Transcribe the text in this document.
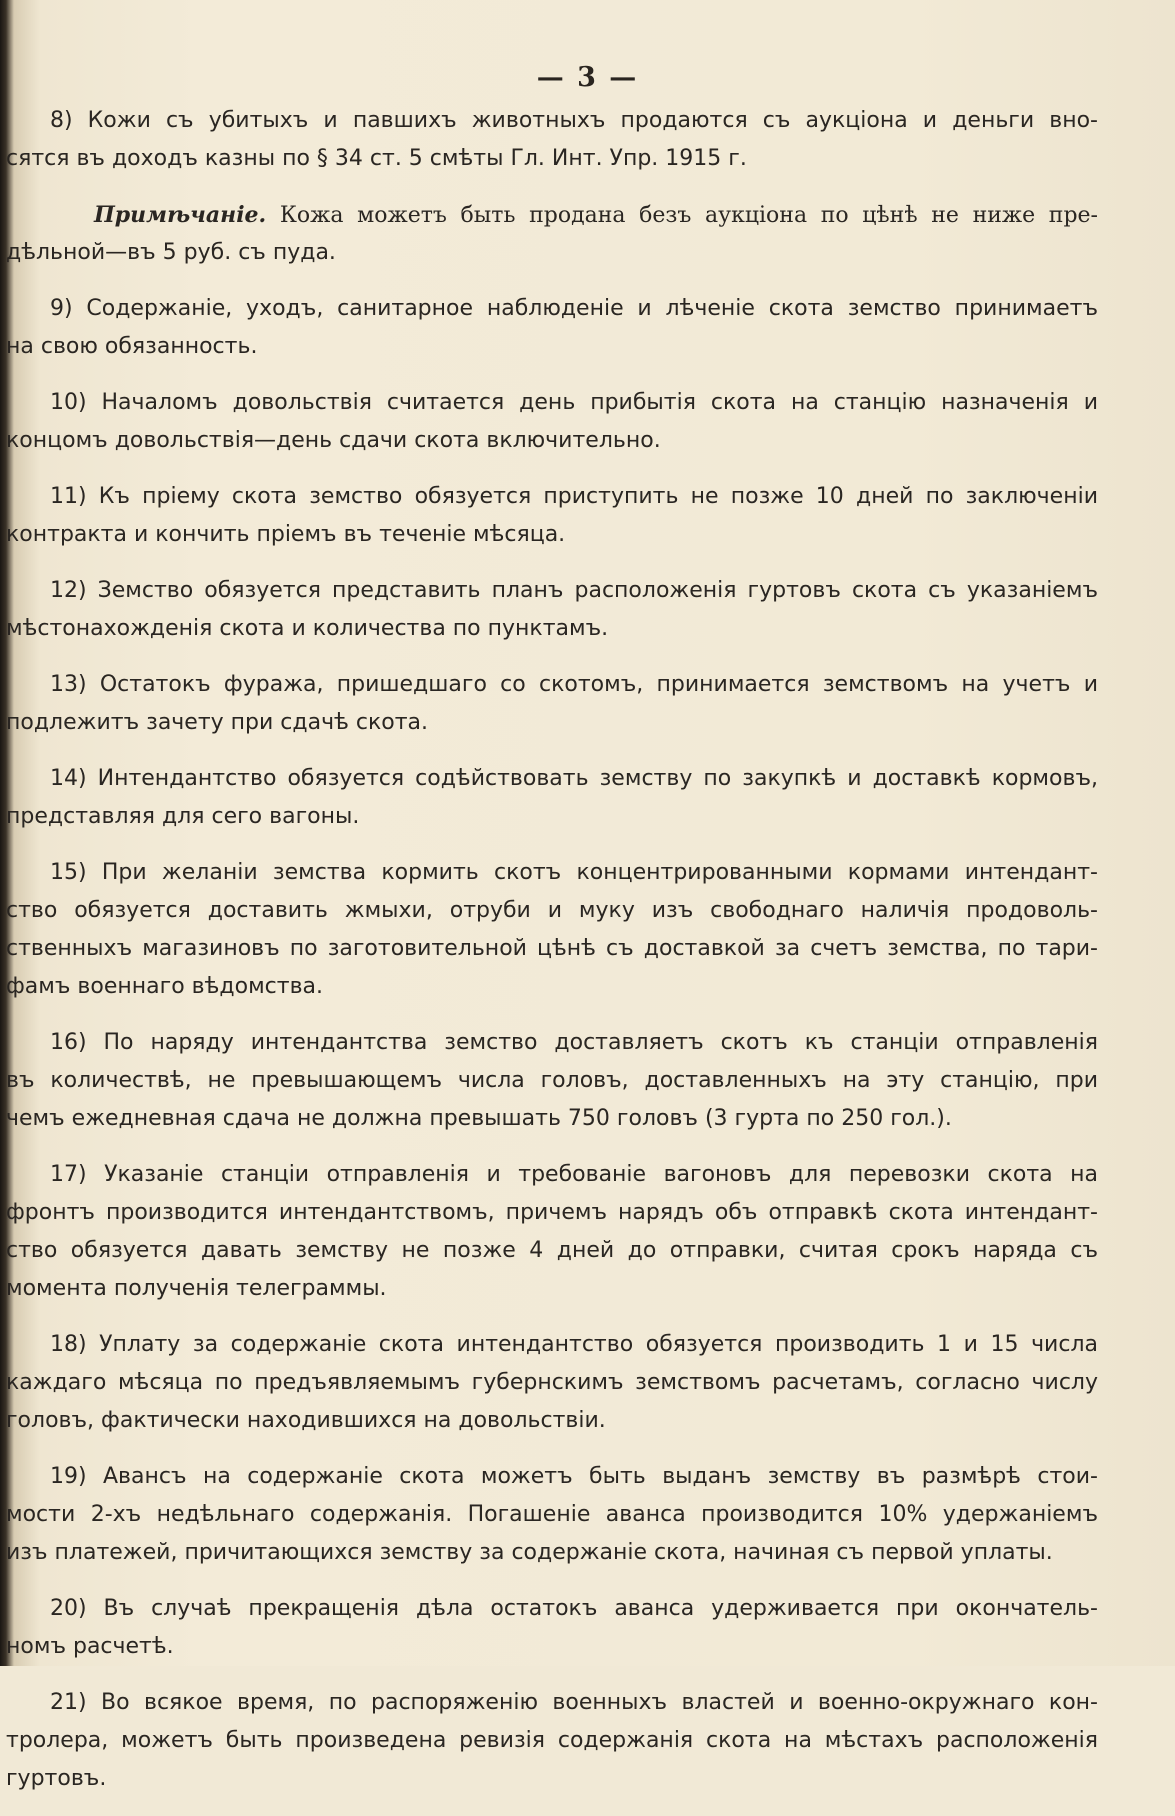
— 3 —
8) Кожи съ убитыхъ и павшихъ животныхъ продаются съ аукціона и деньги вно-
сятся въ доходъ казны по § 34 ст. 5 смѣты Гл. Инт. Упр. 1915 г.
Примѣчаніе. Кожа можетъ быть продана безъ аукціона по цѣнѣ не ниже пре-
дѣльной—въ 5 руб. съ пуда.
9) Содержаніе, уходъ, санитарное наблюденіе и лѣченіе скота земство принимаетъ
на свою обязанность.
10) Началомъ довольствія считается день прибытія скота на станцію назначенія и
концомъ довольствія—день сдачи скота включительно.
11) Къ пріему скота земство обязуется приступить не позже 10 дней по заключеніи
контракта и кончить пріемъ въ теченіе мѣсяца.
12) Земство обязуется представить планъ расположенія гуртовъ скота съ указаніемъ
мѣстонахожденія скота и количества по пунктамъ.
13) Остатокъ фуража, пришедшаго со скотомъ, принимается земствомъ на учетъ и
подлежитъ зачету при сдачѣ скота.
14) Интендантство обязуется содѣйствовать земству по закупкѣ и доставкѣ кормовъ,
представляя для сего вагоны.
15) При желаніи земства кормить скотъ концентрированными кормами интендант-
ство обязуется доставить жмыхи, отруби и муку изъ свободнаго наличія продоволь-
ственныхъ магазиновъ по заготовительной цѣнѣ съ доставкой за счетъ земства, по тари-
фамъ военнаго вѣдомства.
16) По наряду интендантства земство доставляетъ скотъ къ станціи отправленія
въ количествѣ, не превышающемъ числа головъ, доставленныхъ на эту станцію, при
чемъ ежедневная сдача не должна превышать 750 головъ (3 гурта по 250 гол.).
17) Указаніе станціи отправленія и требованіе вагоновъ для перевозки скота на
фронтъ производится интендантствомъ, причемъ нарядъ объ отправкѣ скота интендант-
ство обязуется давать земству не позже 4 дней до отправки, считая срокъ наряда съ
момента полученія телеграммы.
18) Уплату за содержаніе скота интендантство обязуется производить 1 и 15 числа
каждаго мѣсяца по предъявляемымъ губернскимъ земствомъ расчетамъ, согласно числу
головъ, фактически находившихся на довольствіи.
19) Авансъ на содержаніе скота можетъ быть выданъ земству въ размѣрѣ стои-
мости 2-хъ недѣльнаго содержанія. Погашеніе аванса производится 10% удержаніемъ
изъ платежей, причитающихся земству за содержаніе скота, начиная съ первой уплаты.
20) Въ случаѣ прекращенія дѣла остатокъ аванса удерживается при окончатель-
номъ расчетѣ.
21) Во всякое время, по распоряженію военныхъ властей и военно-окружнаго кон-
тролера, можетъ быть произведена ревизія содержанія скота на мѣстахъ расположенія
гуртовъ.
